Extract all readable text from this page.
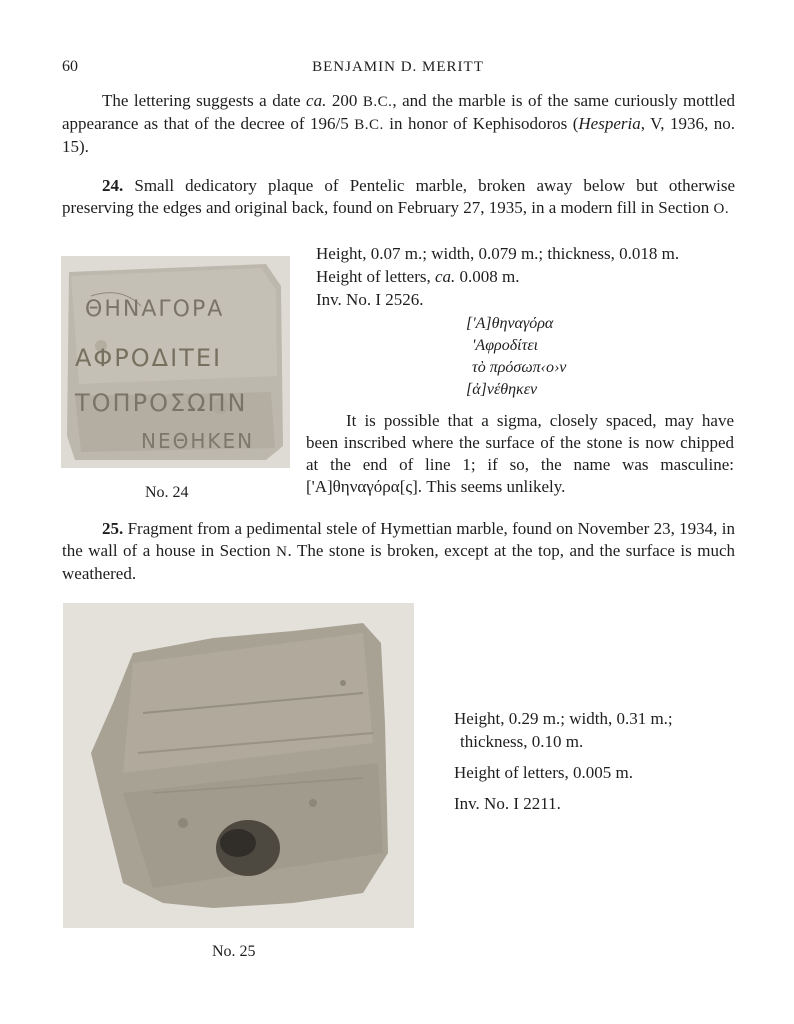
60	BENJAMIN D. MERITT

The lettering suggests a date ca. 200 B.C., and the marble is of the same curiously mottled appearance as that of the decree of 196/5 B.C. in honor of Kephisodoros (Hesperia, V, 1936, no. 15).

24. Small dedicatory plaque of Pentelic marble, broken away below but otherwise preserving the edges and original back, found on February 27, 1935, in a modern fill in Section O.

ΘΗΝΑΓΟΡΑ
ΑΦΡΟΔΙΤΕΙ
ΤΟΠΡΟΣΩΠΝ
ΝΕΘΗΚΕΝ
No. 24
Height, 0.07 m.; width, 0.079 m.; thickness, 0.018 m.
Height of letters, ca. 0.008 m.
Inv. No. I 2526.
['Α]θηναγόρα
'Αφροδίτει
τὸ πρόσωπ‹ο›ν
[ἀ]νέθηκεν

It is possible that a sigma, closely spaced, may have been inscribed where the surface of the stone is now chipped at the end of line 1; if so, the name was masculine: ['Α]θηναγόρα[ς]. This seems unlikely.

25. Fragment from a pedimental stele of Hymettian marble, found on November 23, 1934, in the wall of a house in Section N. The stone is broken, except at the top, and the surface is much weathered.

No. 25
Height, 0.29 m.; width, 0.31 m.;
thickness, 0.10 m.
Height of letters, 0.005 m.
Inv. No. I 2211.
